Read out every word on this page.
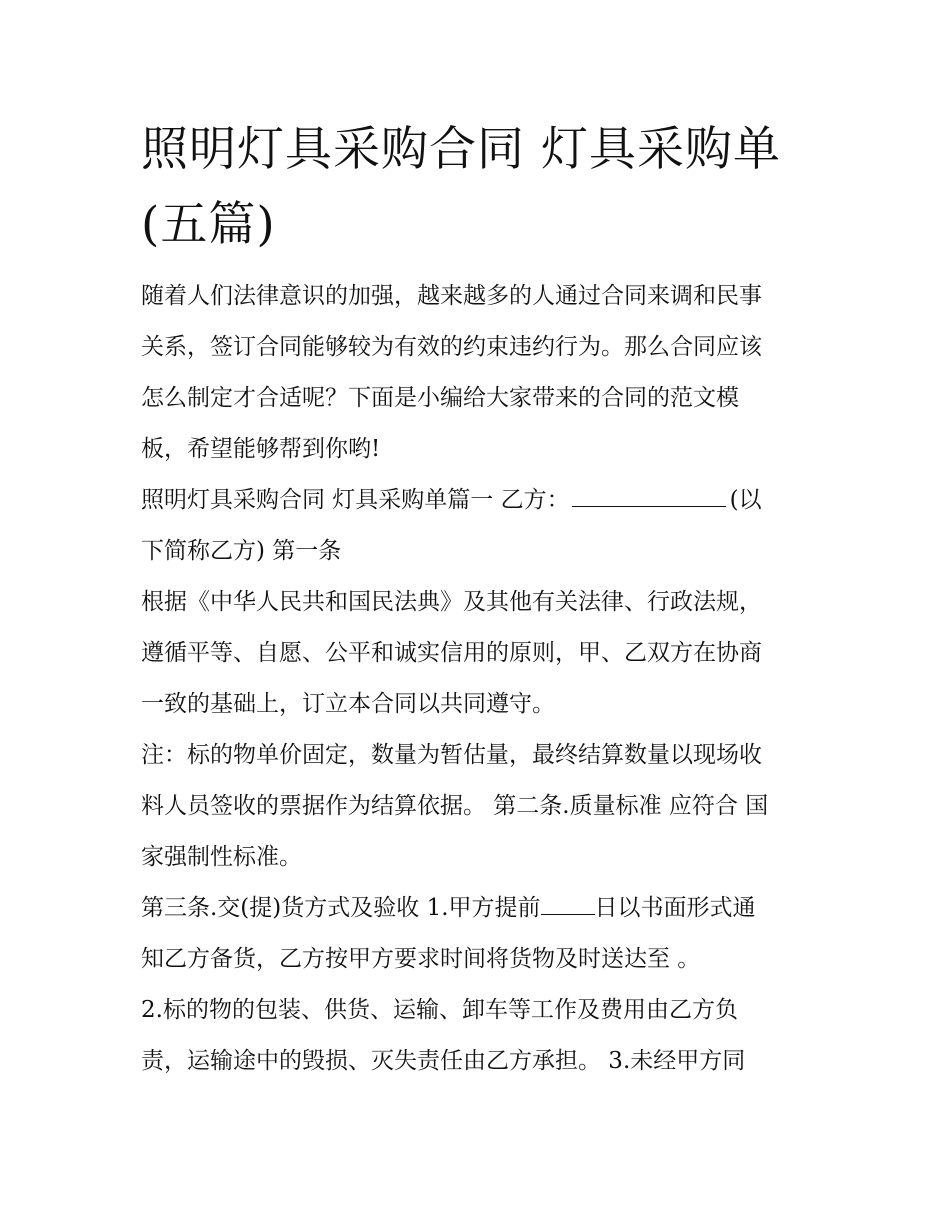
照明灯具采购合同 灯具采购单
(五篇)

随着人们法律意识的加强，越来越多的人通过合同来调和民事
关系，签订合同能够较为有效的约束违约行为。那么合同应该
怎么制定才合适呢？下面是小编给大家带来的合同的范文模
板，希望能够帮到你哟!

照明灯具采购合同 灯具采购单篇一 乙方：	(以
下简称乙方) 第一条

根据《中华人民共和国民法典》及其他有关法律、行政法规，
遵循平等、自愿、公平和诚实信用的原则，甲、乙双方在协商
一致的基础上，订立本合同以共同遵守。

注：标的物单价固定，数量为暂估量，最终结算数量以现场收
料人员签收的票据作为结算依据。 第二条.质量标准 应符合 国
家强制性标准。

第三条.交(提)货方式及验收 1.甲方提前 日以书面形式通
知乙方备货，乙方按甲方要求时间将货物及时送达至 。

2.标的物的包装、供货、运输、卸车等工作及费用由乙方负
责，运输途中的毁损、灭失责任由乙方承担。 3.未经甲方同
